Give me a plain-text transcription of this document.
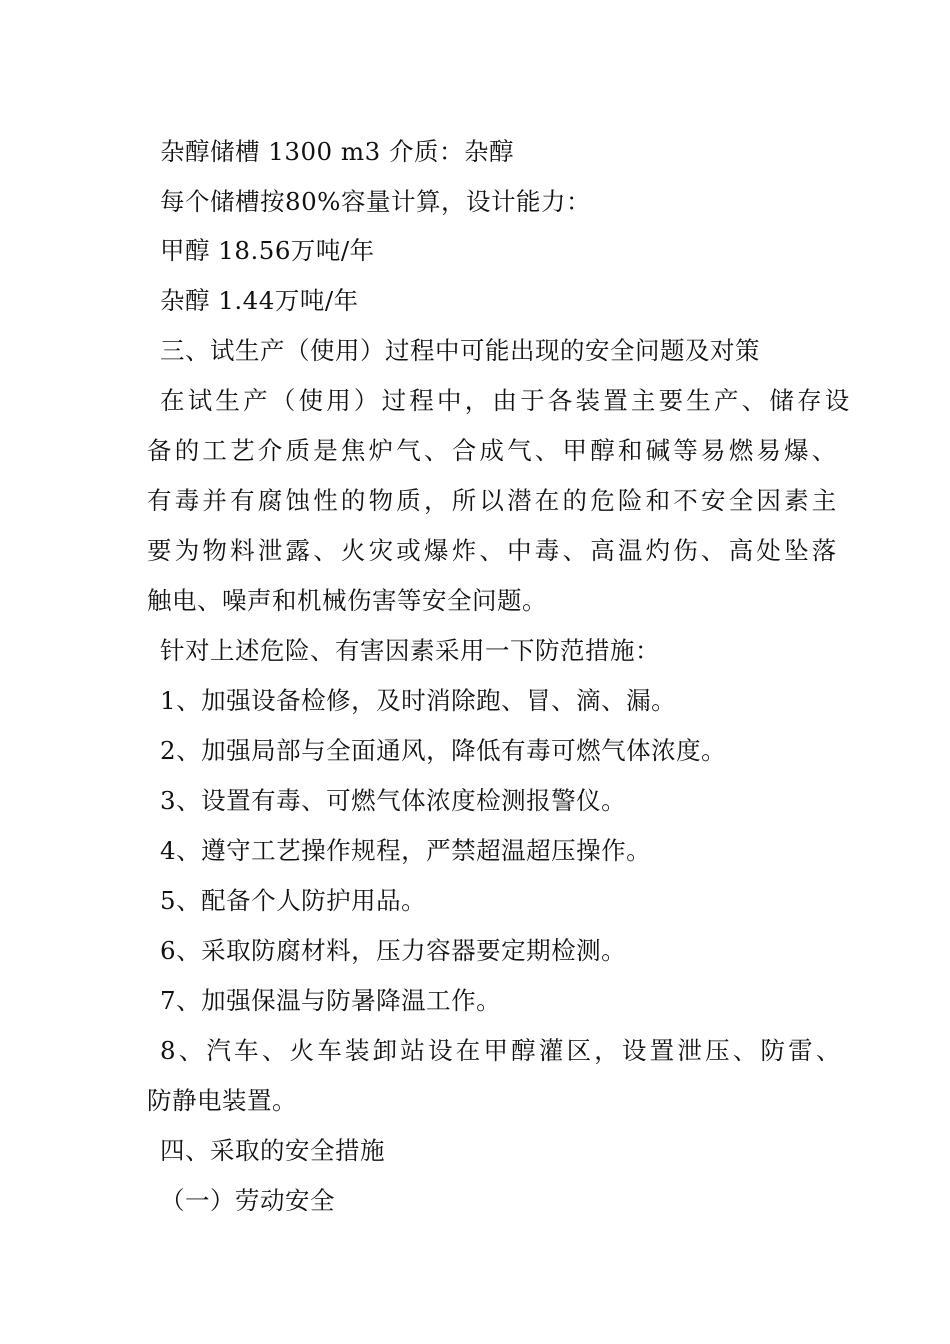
杂醇储槽 1300 m3 介质：杂醇
每个储槽按80%容量计算，设计能力：
甲醇 18.56万吨/年
杂醇 1.44万吨/年
三、试生产（使用）过程中可能出现的安全问题及对策
在试生产（使用）过程中，由于各装置主要生产、储存设
备的工艺介质是焦炉气、合成气、甲醇和碱等易燃易爆、
有毒并有腐蚀性的物质，所以潜在的危险和不安全因素主
要为物料泄露、火灾或爆炸、中毒、高温灼伤、高处坠落
触电、噪声和机械伤害等安全问题。
针对上述危险、有害因素采用一下防范措施：
1、加强设备检修，及时消除跑、冒、滴、漏。
2、加强局部与全面通风，降低有毒可燃气体浓度。
3、设置有毒、可燃气体浓度检测报警仪。
4、遵守工艺操作规程，严禁超温超压操作。
5、配备个人防护用品。
6、采取防腐材料，压力容器要定期检测。
7、加强保温与防暑降温工作。
8、汽车、火车装卸站设在甲醇灌区，设置泄压、防雷、
防静电装置。
四、采取的安全措施
（一）劳动安全
